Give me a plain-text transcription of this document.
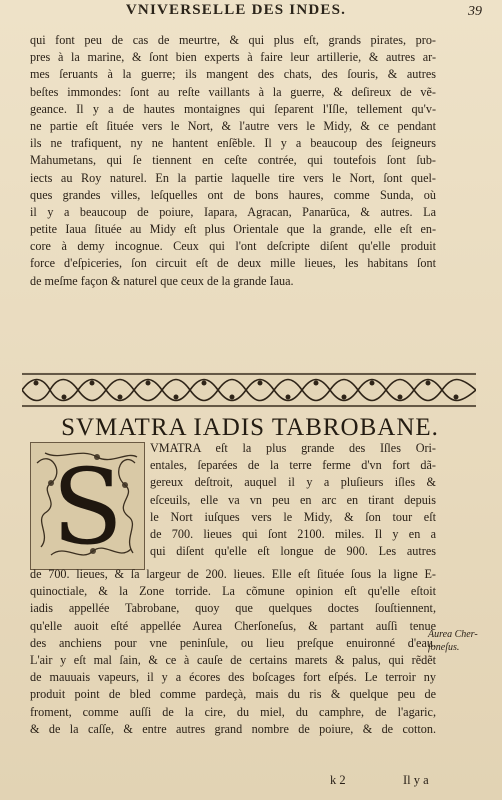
VNIVERSELLE DES INDES.	39
qui font peu de cas de meurtre, & qui plus eſt, grands pirates, pro-
pres à la marine, & ſont bien experts à faire leur artillerie, & autres ar-
mes ſeruants à la guerre; ils mangent des chats, des ſouris, & autres
beſtes immondes: ſont au reſte vaillants à la guerre, & deſireux de vẽ-
geance. Il y a de hautes montaignes qui ſeparent l'Iſle, tellement qu'v-
ne partie eſt ſituée vers le Nort, & l'autre vers le Midy, & ce pendant
ils ne trafiquent, ny ne hantent enſẽble. Il y a beaucoup des ſeigneurs
Mahumetans, qui ſe tiennent en ceſte contrée, qui toutefois ſont ſub-
iects au Roy naturel. En la partie laquelle tire vers le Nort, ſont quel-
ques grandes villes, leſquelles ont de bons haures, comme Sunda, où
il y a beaucoup de poiure, Iapara, Agracan, Panarūca, & autres. La
petite Iaua ſituée au Midy eſt plus Orientale que la grande, elle eſt en-
core à demy incognue. Ceux qui l'ont deſcripte diſent qu'elle produit
force d'eſpiceries, ſon circuit eſt de deux mille lieues, les habitans ſont
de meſme façon & naturel que ceux de la grande Iaua.
SVMATRA IADIS TABROBANE.
S	VMATRA eſt la plus grande des Iſles Ori-
entales, ſeparées de la terre ferme d'vn fort dã-
gereux deſtroit, auquel il y a pluſieurs iſles &
eſceuils, elle va vn peu en arc en tirant depuis
le Nort iuſques vers le Midy, & ſon tour eſt
de 700. lieues qui ſont 2100. miles. Il y en a
qui diſent qu'elle eſt longue de 900. Les autres
de 700. lieues, & ſa largeur de 200. lieues. Elle eſt ſituée ſous la ligne E-
quinoctiale, & la Zone torride. La cõmune opinion eſt qu'elle eſtoit
iadis appellée Tabrobane, quoy que quelques doctes ſouſtiennent,
qu'elle auoit eſté appellée Aurea Cherſoneſus, & partant auſſi tenue
des anchiens pour vne peninſule, ou lieu preſque enuironné d'eau.
L'air y eſt mal ſain, & ce à cauſe de certains marets & palus, qui rẽdẽt
de mauuais vapeurs, il y a écores des boſcages fort eſpés. Le terroir ny
produit point de bled comme pardeçà, mais du ris & quelque peu de
froment, comme auſſi de la cire, du miel, du camphre, de l'agaric,
& de la caſſe, & entre autres grand nombre de poiure, & de cotton.
Aurea Cher-
ſoneſus.
k 2	Il y a
